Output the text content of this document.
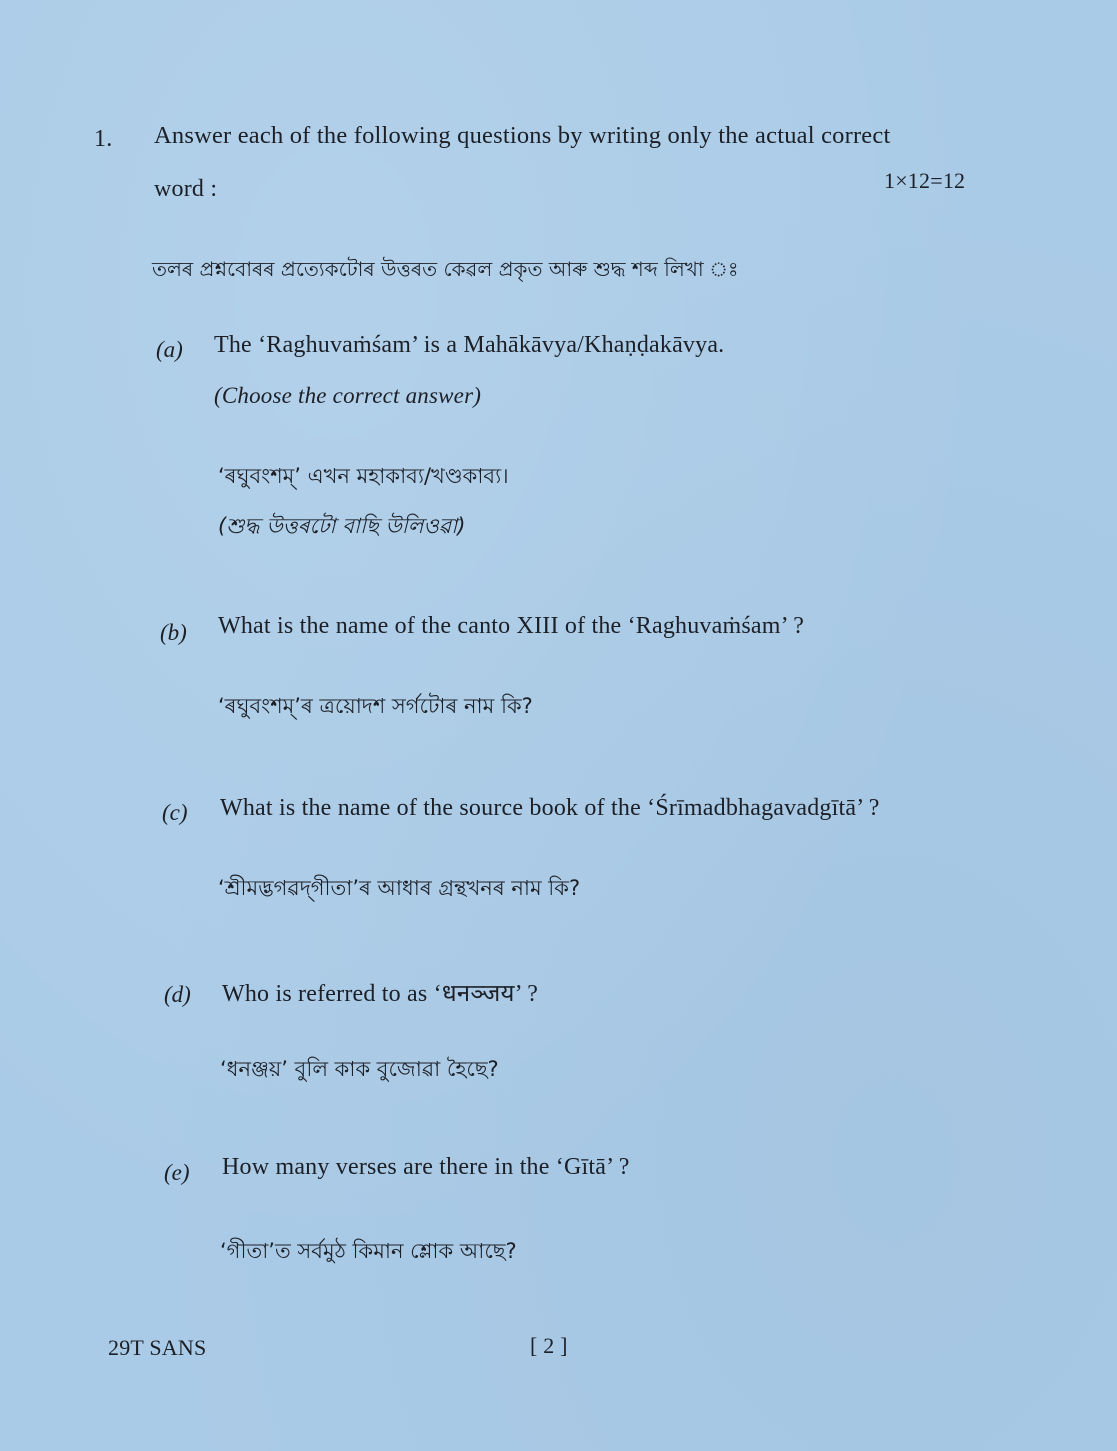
1. Answer each of the following questions by writing only the actual correct
word :	1×12=12
তলৰ প্ৰশ্নবোৰৰ প্ৰত্যেকটোৰ উত্তৰত কেৱল প্ৰকৃত আৰু শুদ্ধ শব্দ লিখা ঃ
(a) The ‘Raghuvaṁśam’ is a Mahākāvya/Khaṇḍakāvya.
(Choose the correct answer)
‘ৰঘুবংশম্’ এখন মহাকাব্য/খণ্ডকাব্য।
(শুদ্ধ উত্তৰটো বাছি উলিওৱা)
(b) What is the name of the canto XIII of the ‘Raghuvaṁśam’ ?
‘ৰঘুবংশম্’ৰ ত্ৰয়োদশ সৰ্গটোৰ নাম কি?
(c) What is the name of the source book of the ‘Śrīmadbhagavadgītā’ ?
‘শ্ৰীমদ্ভগৱদ্‌গীতা’ৰ আধাৰ গ্ৰন্থখনৰ নাম কি?
(d) Who is referred to as ‘धनञ्जय’ ?
‘ধনঞ্জয়’ বুলি কাক বুজোৱা হৈছে?
(e) How many verses are there in the ‘Gītā’ ?
‘গীতা’ত সৰ্বমুঠ কিমান শ্লোক আছে?
29T SANS	[ 2 ]
